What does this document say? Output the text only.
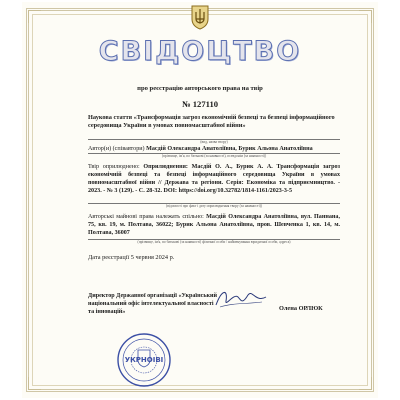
СВІДОЦТВО
про реєстрацію авторського права на твір
№ 127110
Наукова стаття «Трансформація загроз економічній безпеці та безпеці інформаційного середовища України в умовах повномасштабної війни»
(вид, назва твору)
Автор(и) (співавтори) Масдій Олександра Анатоліївна, Бурик Альона Анатоліївна
(прізвище, ім'я, по батькові (за наявності), псевдонім (за наявності))
Твір оприлюднено: Оприлюднення: Масдій О. А., Бурик А. А. Трансформація загроз економічній безпеці та безпеці інформаційного середовища України в умовах повномасштабної війни // Держава та регіони. Серія: Економіка та підприємництво. - 2023. - № 3 (129). - С. 28-32. DOI: https://doi.org/10.32782/1814-1161/2023-3-5
(відомості про факт і дату оприлюднення твору (за наявності))
Авторські майнові права належать спільно: Масдій Олександра Анатоліївна, вул. Паннана, 75, кв. 19, м. Полтава, 36022; Бурик Альона Анатоліївна, пров. Шевченка 1, кв. 14, м. Полтава, 36007
(прізвище, ім'я, по батькові (за наявності) фізичної особи / найменування юридичної особи, адреса)
Дата реєстрації 5 червня 2024 р.
Директор Державної організації «Український національний офіс інтелектуальної власності та інновацій»	Олена ОРЛЮК
УКРНОІВІ
